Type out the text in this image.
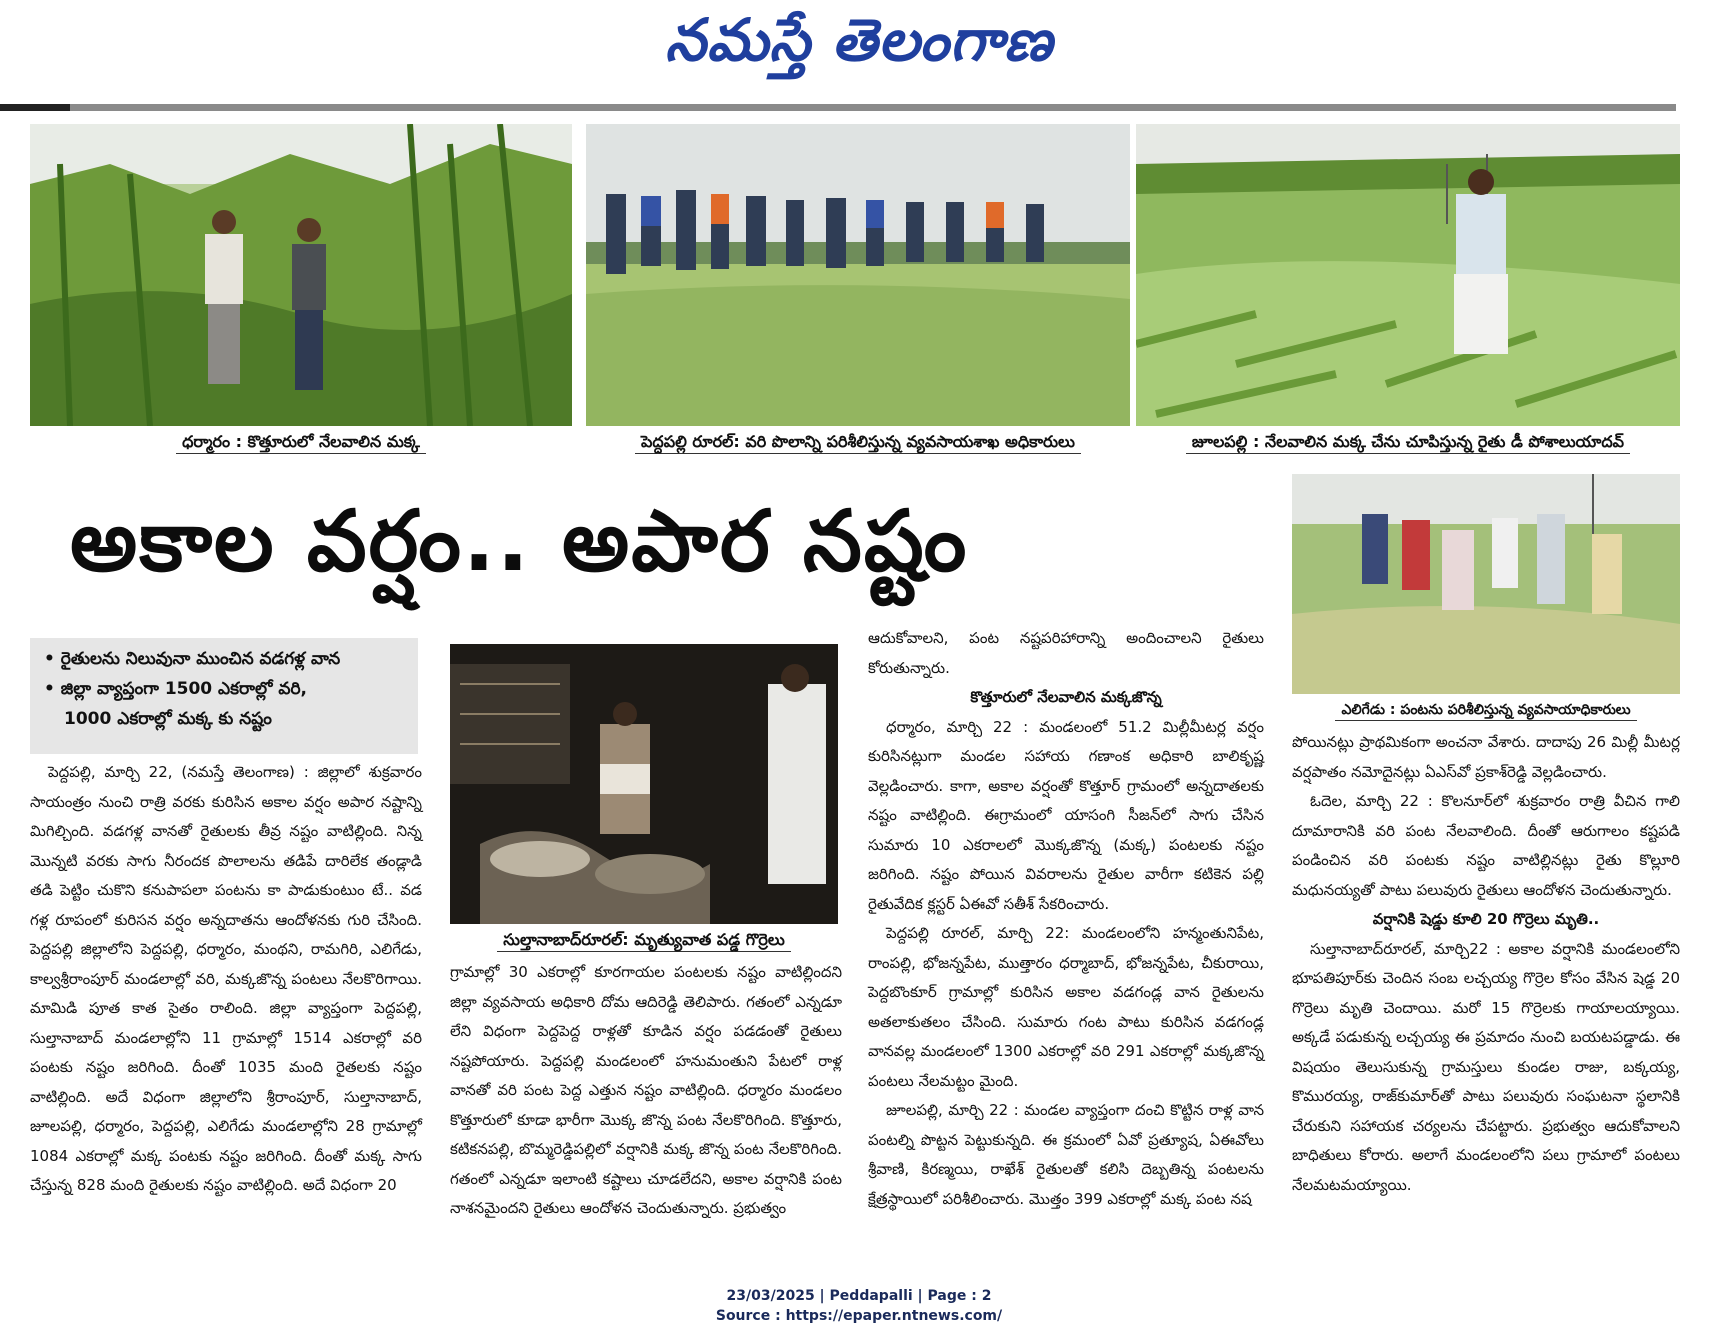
నమస్తే తెలంగాణ
ధర్మారం : కొత్తూరులో నేలవాలిన మక్క	పెద్దపల్లి రూరల్: వరి పొలాన్ని పరిశీలిస్తున్న వ్యవసాయశాఖ అధికారులు	జూలపల్లి : నేలవాలిన మక్క చేను చూపిస్తున్న రైతు డీ పోశాలుయాదవ్
అకాల వర్షం.. అపార నష్టం
ఎలిగేడు : పంటను పరిశీలిస్తున్న వ్యవసాయాధికారులు

• రైతులను నిలువునా ముంచిన వడగళ్ల వాన

• జిల్లా వ్యాప్తంగా 1500 ఎకరాల్లో వరి,

1000 ఎకరాల్లో మక్క కు నష్టం

పెద్దపల్లి, మార్చి 22, (నమస్తే తెలంగాణ) : జిల్లాలో శుక్రవారం సాయంత్రం నుంచి రాత్రి వరకు కురిసిన అకాల వర్షం అపార నష్టాన్ని మిగిల్చింది. వడగళ్ల వానతో రైతులకు తీవ్ర నష్టం వాటిల్లింది. నిన్న మొన్నటి వరకు సాగు నీరందక పొలాలను తడిపే దారిలేక తండ్లాడి తడి పెట్టిం చుకొని కనుపాపలా పంటను కా పాడుకుంటుం టే.. వడ గళ్ల రూపంలో కురిసన వర్షం అన్నదాతను ఆందోళనకు గురి చేసింది. పెద్దపల్లి జిల్లాలోని పెద్దపల్లి, ధర్మారం, మంథని, రామగిరి, ఎలిగేడు, కాల్వశ్రీరాంపూర్ మండలాల్లో వరి, మక్కజొన్న పంటలు నేలకొరిగాయి. మామిడి పూత కాత సైతం రాలింది. జిల్లా వ్యాప్తంగా పెద్దపల్లి, సుల్తానాబాద్ మండలాల్లోని 11 గ్రామాల్లో 1514 ఎకరాల్లో వరి పంటకు నష్టం జరిగింది. దీంతో 1035 మంది రైతలకు నష్టం వాటిల్లింది. అదే విధంగా జిల్లాలోని శ్రీరాంపూర్, సుల్తానాబాద్, జూలపల్లి, ధర్మారం, పెద్దపల్లి, ఎలిగేడు మండలాల్లోని 28 గ్రామాల్లో 1084 ఎకరాల్లో మక్క పంటకు నష్టం జరిగింది. దీంతో మక్క సాగు చేస్తున్న 828 మంది రైతులకు నష్టం వాటిల్లింది. అదే విధంగా 20

సుల్తానాబాద్‌రూరల్: మృత్యువాత పడ్డ గొర్రెలు

గ్రామాల్లో 30 ఎకరాల్లో కూరగాయల పంటలకు నష్టం వాటిల్లిందని జిల్లా వ్యవసాయ అధికారి దోమ ఆదిరెడ్డి తెలిపారు. గతంలో ఎన్నడూ లేని విధంగా పెద్దపెద్ద రాళ్లతో కూడిన వర్షం పడడంతో రైతులు నష్టపోయారు. పెద్దపల్లి మండలంలో హనుమంతుని పేటలో రాళ్ల వానతో వరి పంట పెద్ద ఎత్తున నష్టం వాటిల్లింది. ధర్మారం మండలం కొత్తూరులో కూడా భారీగా మొక్క జొన్న పంట నేలకొరిగింది. కొత్తూరు, కటికనపల్లి, బొమ్మరెడ్డిపల్లిలో వర్షానికి మక్క జొన్న పంట నేలకొరిగింది. గతంలో ఎన్నడూ ఇలాంటి కష్టాలు చూడలేదని, అకాల వర్షానికి పంట నాశనమైందని రైతులు ఆందోళన చెందుతున్నారు. ప్రభుత్వం

ఆదుకోవాలని, పంట నష్టపరిహారాన్ని అందించాలని రైతులు కోరుతున్నారు.

కొత్తూరులో నేలవాలిన మక్కజొన్న

ధర్మారం, మార్చి 22 : మండలంలో 51.2 మిల్లీమీటర్ల వర్షం కురిసినట్లుగా మండల సహాయ గణాంక అధికారి బాలికృష్ణ వెల్లడించారు. కాగా, అకాల వర్షంతో కొత్తూర్ గ్రామంలో అన్నదాతలకు నష్టం వాటిల్లింది. ఈగ్రామంలో యాసంగి సీజన్‌లో సాగు చేసిన సుమారు 10 ఎకరాలలో మొక్కజొన్న (మక్క) పంటలకు నష్టం జరిగింది. నష్టం పోయిన వివరాలను రైతుల వారీగా కటికెన పల్లి రైతువేదిక క్లస్టర్ ఏఈవో సతీశ్ సేకరించారు.

పెద్దపల్లి రూరల్, మార్చి 22: మండలంలోని హన్మంతునిపేట, రాంపల్లి, భోజన్నపేట, ముత్తారం ధర్మాబాద్, భోజన్నపేట, చీకురాయి, పెద్దబొంకూర్ గ్రామాల్లో కురిసిన అకాల వడగండ్ల వాన రైతులను అతలాకుతలం చేసింది. సుమారు గంట పాటు కురిసిన వడగండ్ల వానవల్ల మండలంలో 1300 ఎకరాల్లో వరి 291 ఎకరాల్లో మక్కజొన్న పంటలు నేలమట్టం మైంది.

జూలపల్లి, మార్చి 22 : మండల వ్యాప్తంగా దంచి కొట్టిన రాళ్ల వాన పంటల్ని పొట్టన పెట్టుకున్నది. ఈ క్రమంలో ఏవో ప్రత్యూష, ఏఈవోలు శ్రీవాణి, కిరణ్మయి, రాఖేశ్ రైతులతో కలిసి దెబ్బతిన్న పంటలను క్షేత్రస్థాయిలో పరిశీలించారు. మొత్తం 399 ఎకరాల్లో మక్క పంట నష

పోయినట్లు ప్రాథమికంగా అంచనా వేశారు. దాదాపు 26 మిల్లీ మీటర్ల వర్షపాతం నమోదైనట్లు ఏఎస్‌వో ప్రకాశ్‌రెడ్డి వెల్లడించారు.

ఓదెల, మార్చి 22 : కొలనూర్‌లో శుక్రవారం రాత్రి వీచిన గాలి దూమారానికి వరి పంట నేలవాలింది. దీంతో ఆరుగాలం కష్టపడి పండించిన వరి పంటకు నష్టం వాటిల్లినట్లు రైతు కొల్లూరి మధునయ్యతో పాటు పలువురు రైతులు ఆందోళన చెందుతున్నారు.

వర్షానికి షెడ్డు కూలి 20 గొర్రెలు మృతి..

సుల్తానాబాద్‌రూరల్, మార్చి22 : అకాల వర్షానికి మండలంలోని భూపతిపూర్‌కు చెందిన సంబ లచ్చయ్య గొర్రెల కోసం వేసిన షెడ్డ 20 గొర్రెలు మృతి చెందాయి. మరో 15 గొర్రెలకు గాయాలయ్యాయి. అక్కడే పడుకున్న లచ్చయ్య ఈ ప్రమాదం నుంచి బయటపడ్డాడు. ఈ విషయం తెలుసుకున్న గ్రామస్తులు కుండల రాజు, బక్కయ్య, కొమురయ్య, రాజ్‌కుమార్‌తో పాటు పలువురు సంఘటనా స్థలానికి చేరుకుని సహాయక చర్యలను చేపట్టారు. ప్రభుత్వం ఆదుకోవాలని బాధితులు కోరారు. అలాగే మండలంలోని పలు గ్రామాలో పంటలు నేలమటమయ్యాయి.

23/03/2025 | Peddapalli | Page : 2
Source : https://epaper.ntnews.com/
